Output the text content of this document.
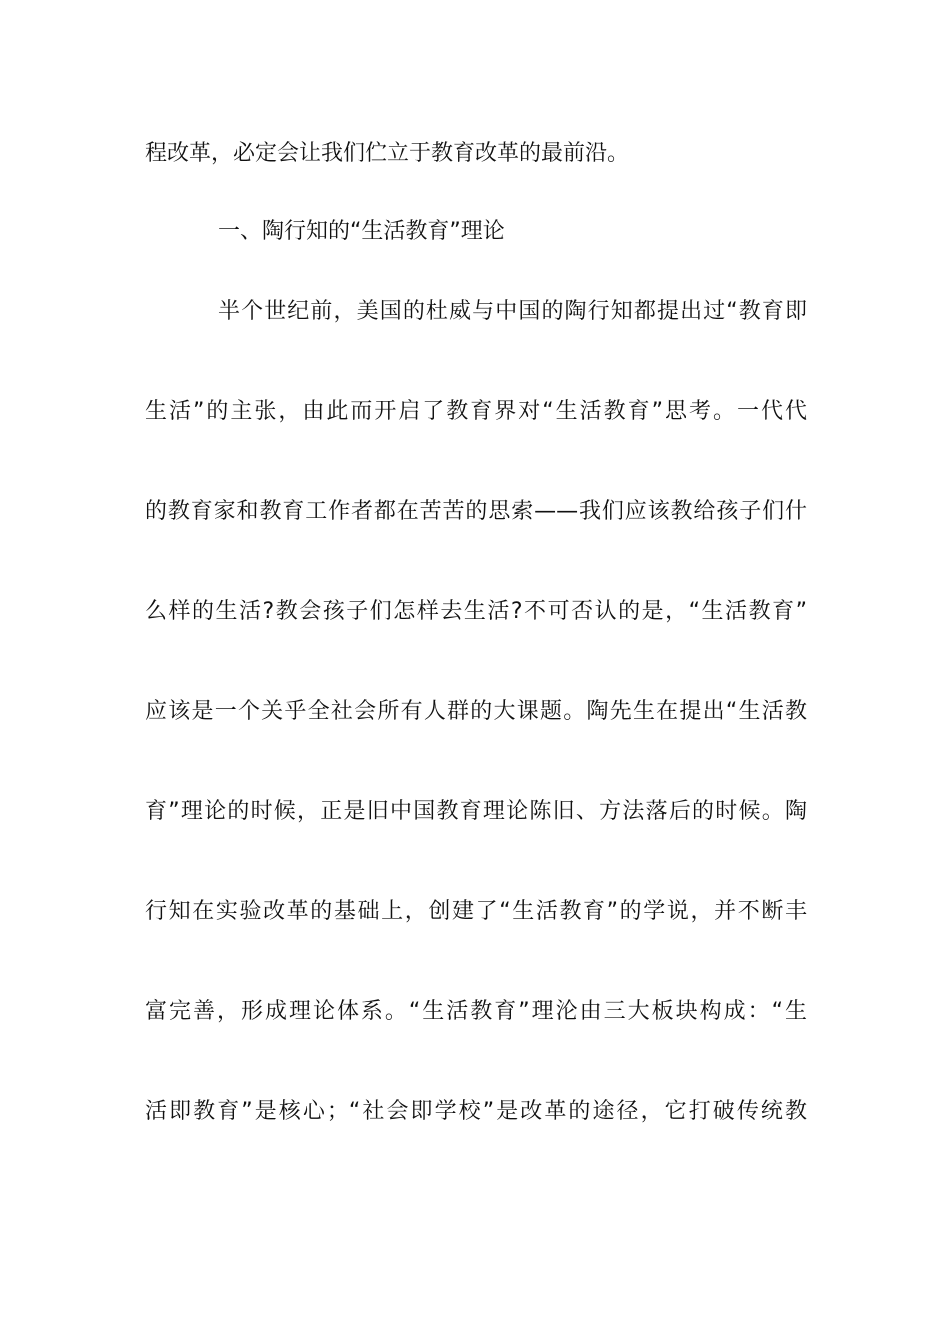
程改革，必定会让我们伫立于教育改革的最前沿。
一、陶行知的“生活教育”理论
半个世纪前，美国的杜威与中国的陶行知都提出过“教育即
生活”的主张，由此而开启了教育界对“生活教育”思考。一代代
的教育家和教育工作者都在苦苦的思索——我们应该教给孩子们什
么样的生活?教会孩子们怎样去生活?不可否认的是，“生活教育”
应该是一个关乎全社会所有人群的大课题。陶先生在提出“生活教
育”理论的时候，正是旧中国教育理论陈旧、方法落后的时候。陶
行知在实验改革的基础上，创建了“生活教育”的学说，并不断丰
富完善，形成理论体系。“生活教育”理沦由三大板块构成：“生
活即教育”是核心；“社会即学校”是改革的途径，它打破传统教
